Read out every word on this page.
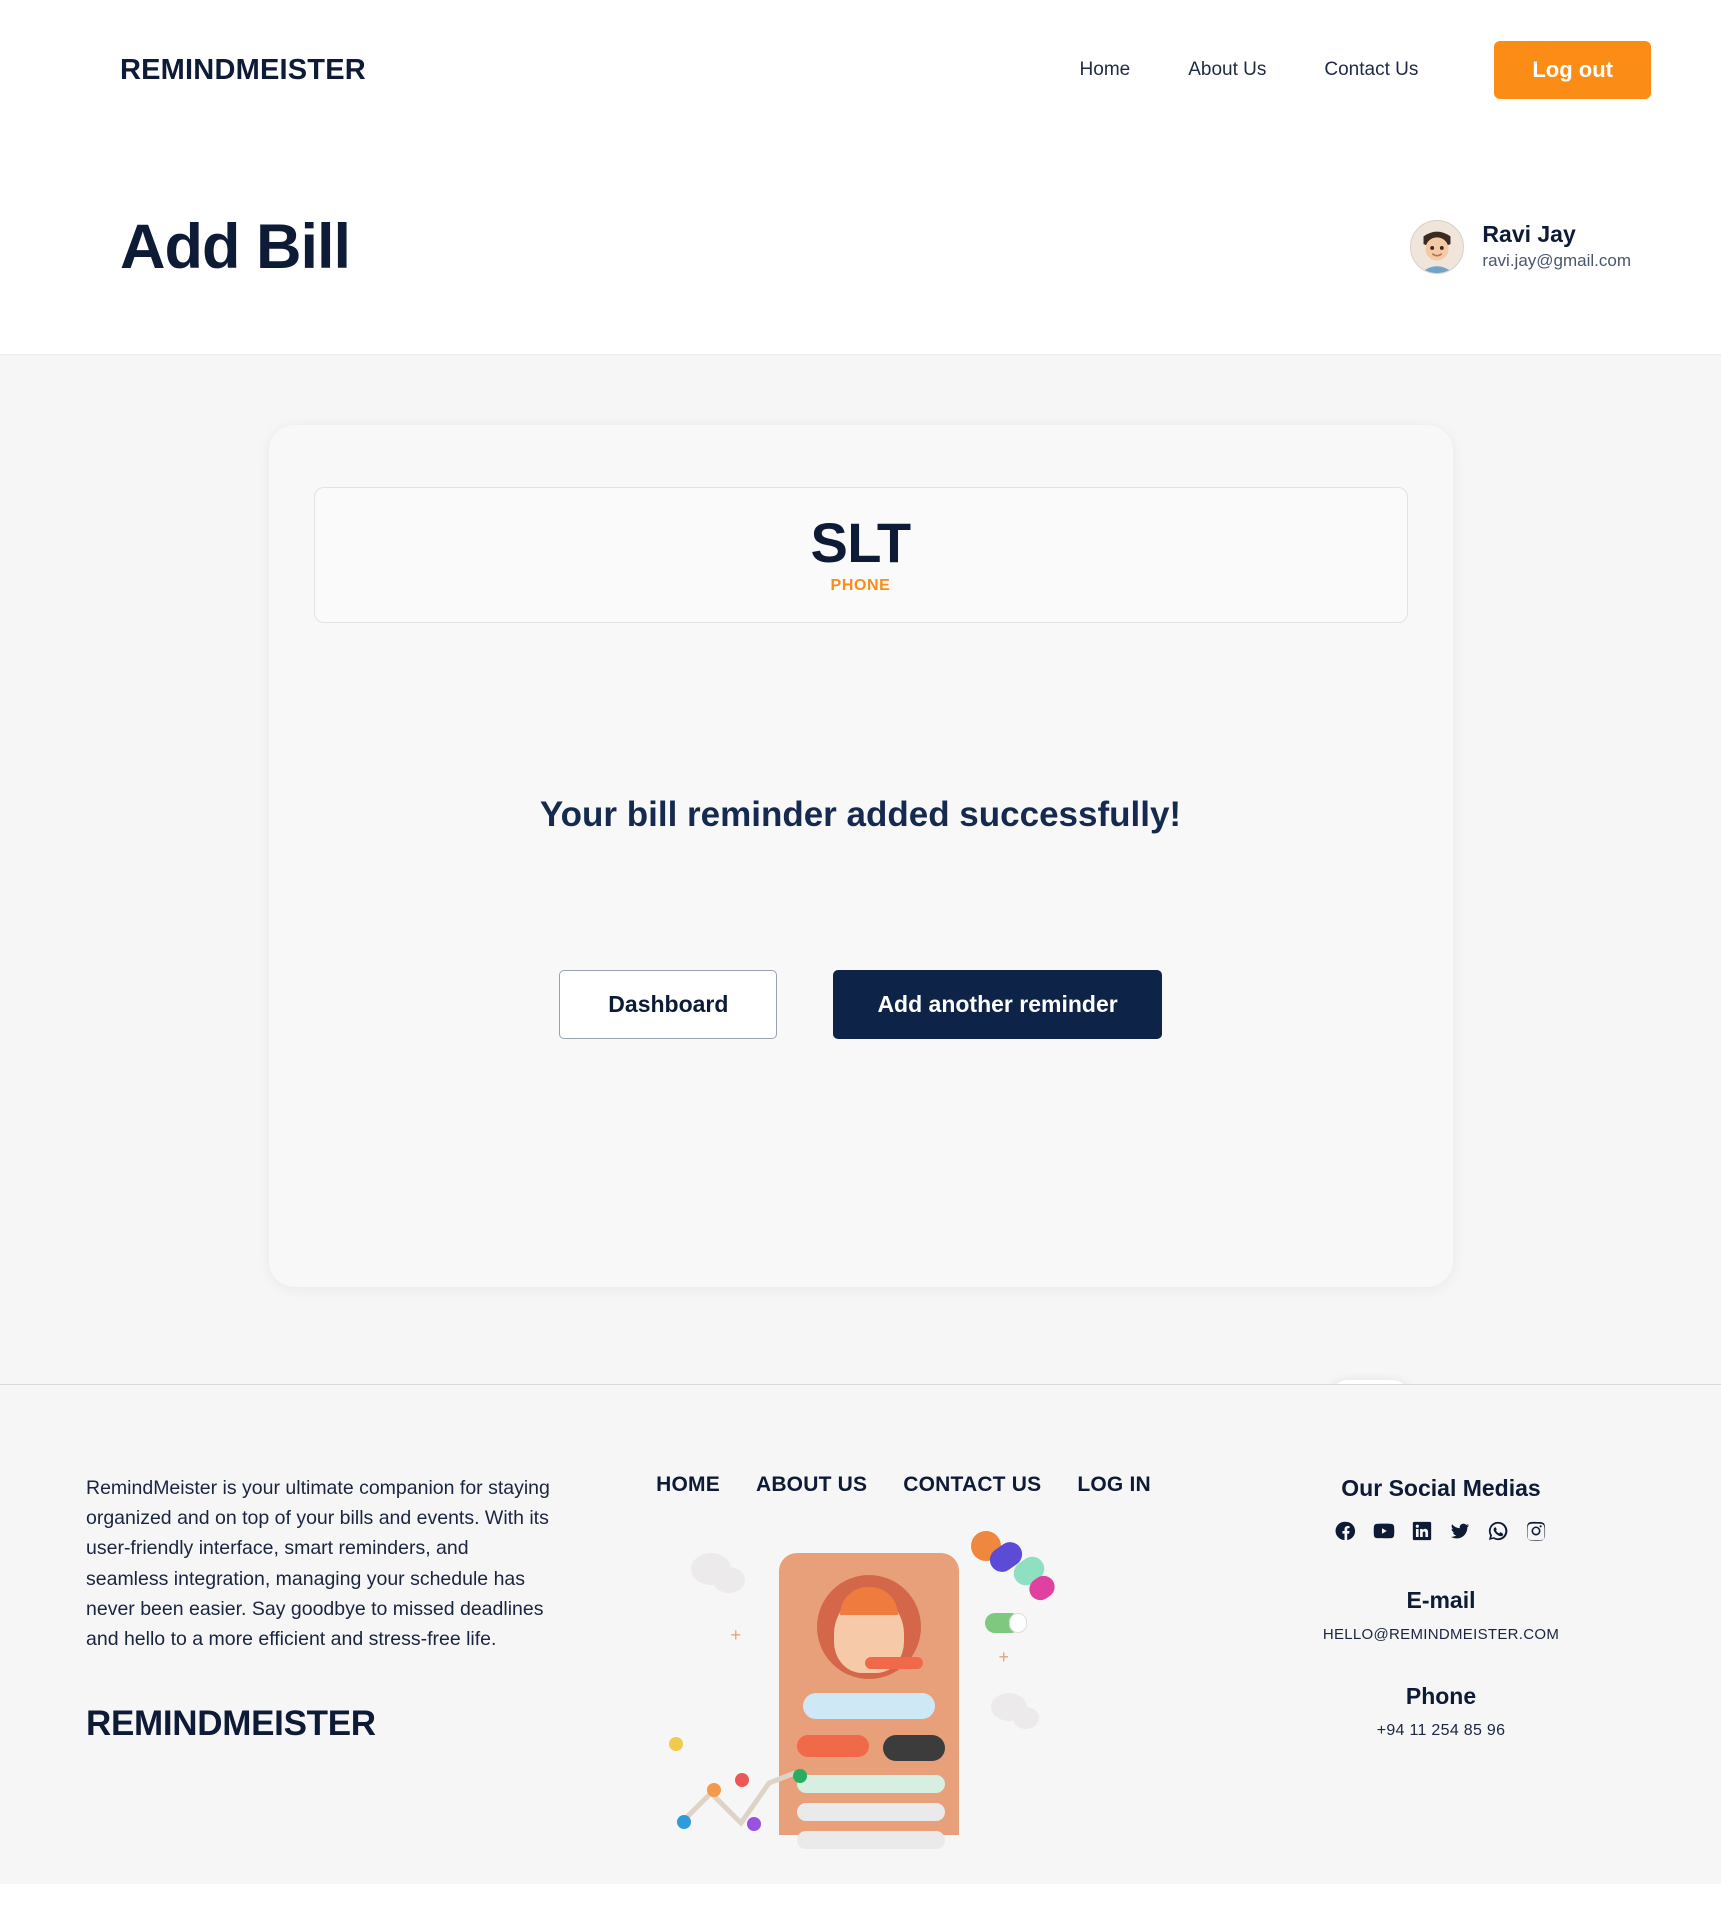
REMINDMEISTER	Home	About Us	Contact Us	Log out
Add Bill	Ravi Jay
ravi.jay@gmail.com
SLT
PHONE
Your bill reminder added successfully!
Dashboard	Add another reminder

RemindMeister is your ultimate companion for staying organized and on top of your bills and events. With its user-friendly interface, smart reminders, and seamless integration, managing your schedule has never been easier. Say goodbye to missed deadlines and hello to a more efficient and stress-free life.

REMINDMEISTER
HOME ABOUT US CONTACT US LOG IN
+
+
Our Social Medias
E-mail
HELLO@REMINDMEISTER.COM
Phone
+94 11 254 85 96
